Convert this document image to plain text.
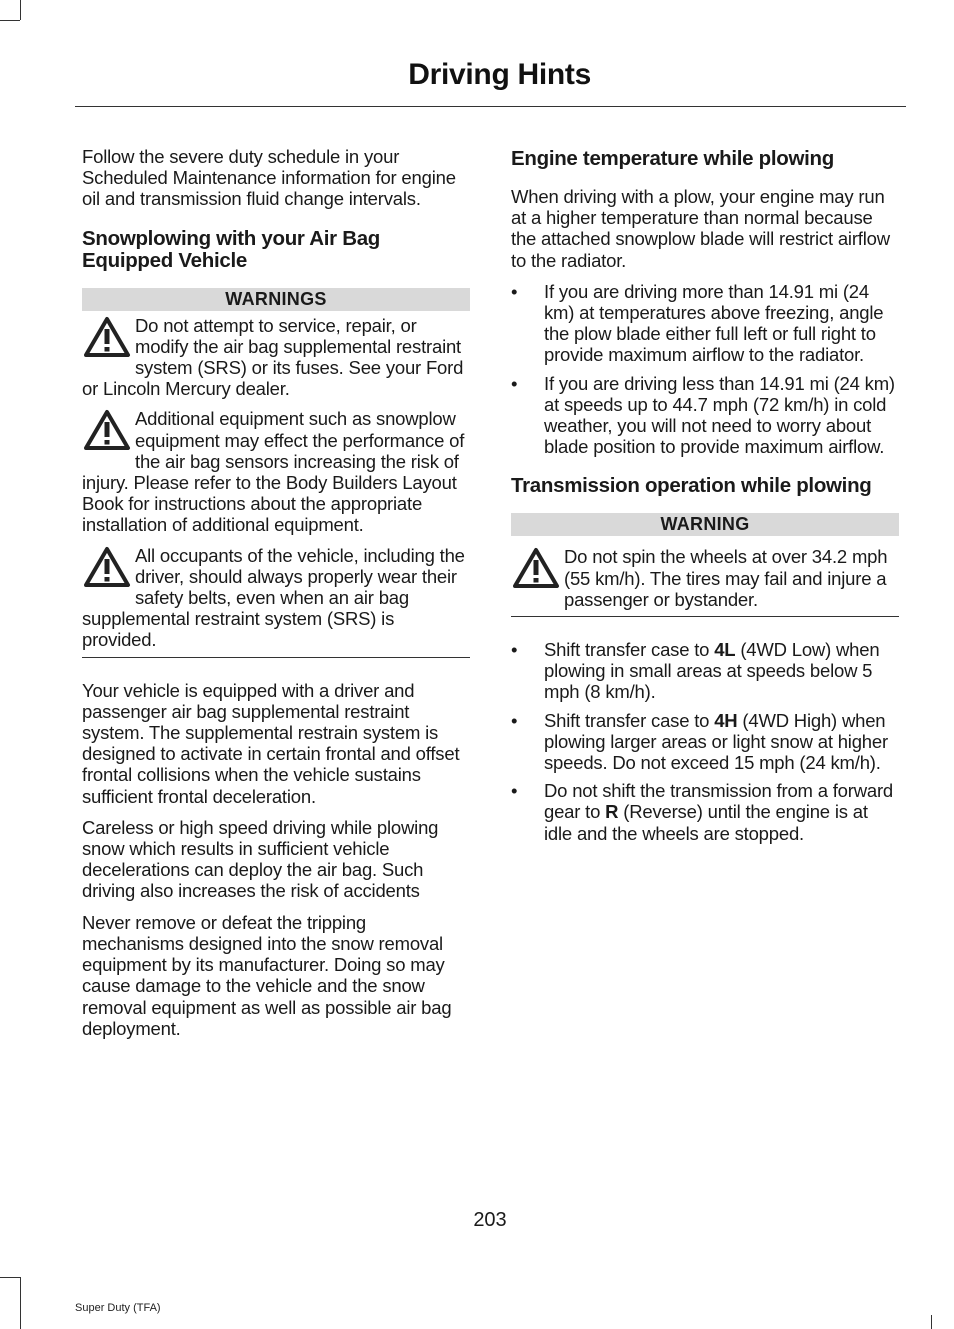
Driving Hints

Follow the severe duty schedule in your Scheduled Maintenance information for engine oil and transmission fluid change intervals.

Snowplowing with your Air Bag Equipped Vehicle
WARNINGS
Do not attempt to service, repair, or modify the air bag supplemental restraint system (SRS) or its fuses. See your Ford or Lincoln Mercury dealer.
Additional equipment such as snowplow equipment may effect the performance of the air bag sensors increasing the risk of injury. Please refer to the Body Builders Layout Book for instructions about the appropriate installation of additional equipment.
All occupants of the vehicle, including the driver, should always properly wear their safety belts, even when an air bag supplemental restraint system (SRS) is provided.

Your vehicle is equipped with a driver and passenger air bag supplemental restraint system. The supplemental restrain system is designed to activate in certain frontal and offset frontal collisions when the vehicle sustains sufficient frontal deceleration.

Careless or high speed driving while plowing snow which results in sufficient vehicle decelerations can deploy the air bag. Such driving also increases the risk of accidents

Never remove or defeat the tripping mechanisms designed into the snow removal equipment by its manufacturer. Doing so may cause damage to the vehicle and the snow removal equipment as well as possible air bag deployment.

Engine temperature while plowing

When driving with a plow, your engine may run at a higher temperature than normal because the attached snowplow blade will restrict airflow to the radiator.

• If you are driving more than 14.91 mi (24 km) at temperatures above freezing, angle the plow blade either full left or full right to provide maximum airflow to the radiator.
• If you are driving less than 14.91 mi (24 km) at speeds up to 44.7 mph (72 km/h) in cold weather, you will not need to worry about blade position to provide maximum airflow.
Transmission operation while plowing
WARNING
Do not spin the wheels at over 34.2 mph (55 km/h). The tires may fail and injure a passenger or bystander.
• Shift transfer case to 4L (4WD Low) when plowing in small areas at speeds below 5 mph (8 km/h).
• Shift transfer case to 4H (4WD High) when plowing larger areas or light snow at higher speeds. Do not exceed 15 mph (24 km/h).
• Do not shift the transmission from a forward gear to R (Reverse) until the engine is at idle and the wheels are stopped.
203
Super Duty (TFA)
